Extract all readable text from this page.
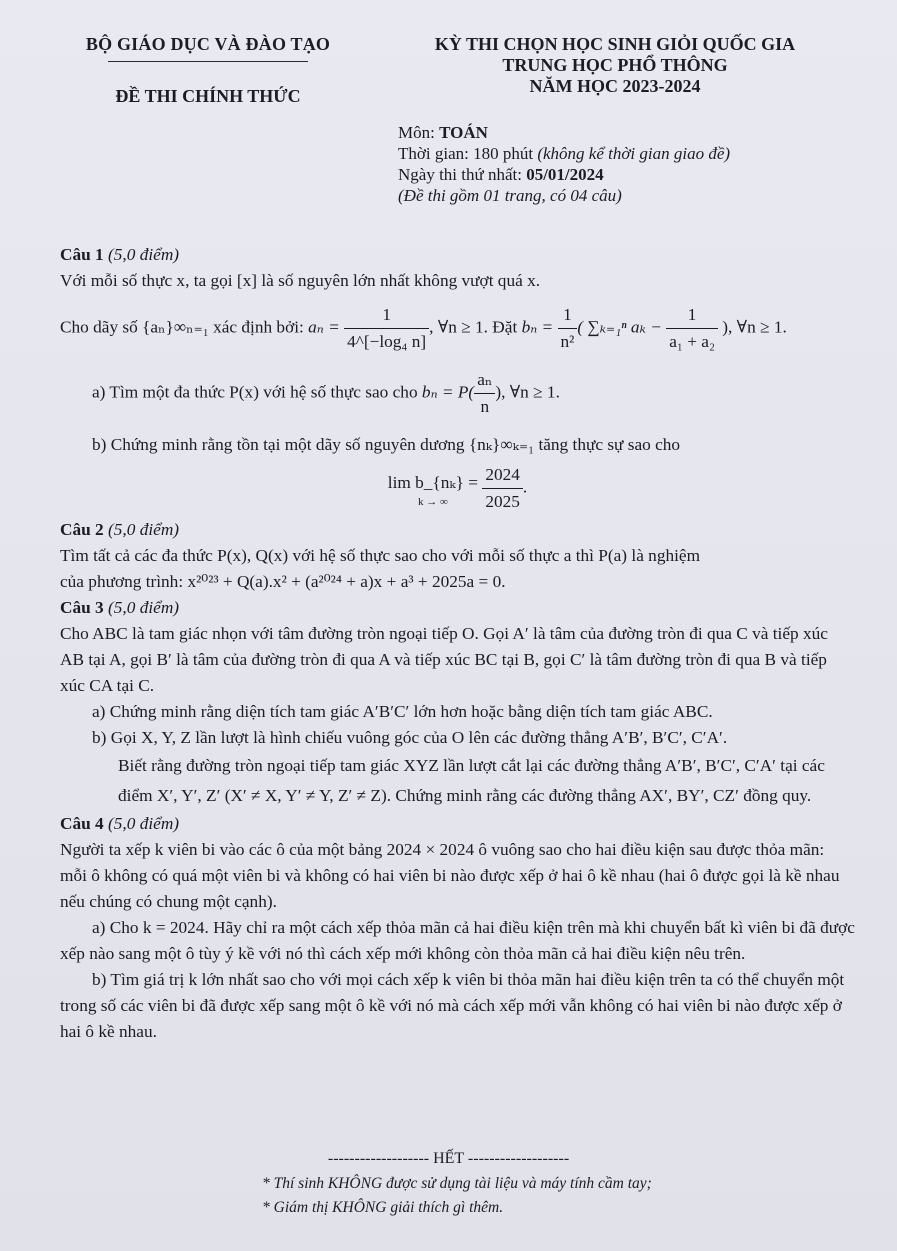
BỘ GIÁO DỤC VÀ ĐÀO TẠO
ĐỀ THI CHÍNH THỨC
KỲ THI CHỌN HỌC SINH GIỎI QUỐC GIA
TRUNG HỌC PHỔ THÔNG
NĂM HỌC 2023-2024
Môn: TOÁN
Thời gian: 180 phút (không kể thời gian giao đề)
Ngày thi thứ nhất: 05/01/2024
(Đề thi gồm 01 trang, có 04 câu)

Câu 1 (5,0 điểm)

Với mỗi số thực x, ta gọi [x] là số nguyên lớn nhất không vượt quá x.

Cho dãy số {aₙ}∞ₙ₌₁ xác định bởi: $a_n = \frac{1}{\text{4\textasciicircum{}[−log₄ n]}}$ , ∀n ≥ 1. Đặt $b_n = \frac{1}{\text{n²}}$ ( ∑ₖ₌₁ⁿ $a_k - \frac{1}{\text{a₁ + a₂}}$ ), ∀n ≥ 1.

a) Tìm một đa thức P(x) với hệ số thực sao cho $b_n = P( \frac{\text{aₙ}}{n}$ ), ∀n ≥ 1.

b) Chứng minh rằng tồn tại một dãy số nguyên dương {nₖ}∞ₖ₌₁ tăng thực sự sao cho

lim b_{nₖ} =
k → ∞
	$\frac{2024}{2025}$ .

Câu 2 (5,0 điểm)

Tìm tất cả các đa thức P(x), Q(x) với hệ số thực sao cho với mỗi số thực a thì P(a) là nghiệm

của phương trình: x²⁰²³ + Q(a).x² + (a²⁰²⁴ + a)x + a³ + 2025a = 0.

Câu 3 (5,0 điểm)

Cho ABC là tam giác nhọn với tâm đường tròn ngoại tiếp O. Gọi A′ là tâm của đường tròn đi qua C và tiếp xúc AB tại A, gọi B′ là tâm của đường tròn đi qua A và tiếp xúc BC tại B, gọi C′ là tâm đường tròn đi qua B và tiếp xúc CA tại C.

a) Chứng minh rằng diện tích tam giác A′B′C′ lớn hơn hoặc bằng diện tích tam giác ABC.

b) Gọi X, Y, Z lần lượt là hình chiếu vuông góc của O lên các đường thẳng A′B′, B′C′, C′A′.

Biết rằng đường tròn ngoại tiếp tam giác XYZ lần lượt cắt lại các đường thẳng A′B′, B′C′, C′A′ tại các điểm X′, Y′, Z′ (X′ ≠ X, Y′ ≠ Y, Z′ ≠ Z). Chứng minh rằng các đường thẳng AX′, BY′, CZ′ đồng quy.

Câu 4 (5,0 điểm)

Người ta xếp k viên bi vào các ô của một bảng 2024 × 2024 ô vuông sao cho hai điều kiện sau được thỏa mãn: mỗi ô không có quá một viên bi và không có hai viên bi nào được xếp ở hai ô kề nhau (hai ô được gọi là kề nhau nếu chúng có chung một cạnh).

a) Cho k = 2024. Hãy chỉ ra một cách xếp thỏa mãn cả hai điều kiện trên mà khi chuyển bất kì viên bi đã được xếp nào sang một ô tùy ý kề với nó thì cách xếp mới không còn thỏa mãn cả hai điều kiện nêu trên.

b) Tìm giá trị k lớn nhất sao cho với mọi cách xếp k viên bi thỏa mãn hai điều kiện trên ta có thể chuyển một trong số các viên bi đã được xếp sang một ô kề với nó mà cách xếp mới vẫn không có hai viên bi nào được xếp ở hai ô kề nhau.

------------------- HẾT -------------------
* Thí sinh KHÔNG được sử dụng tài liệu và máy tính cầm tay;
* Giám thị KHÔNG giải thích gì thêm.
